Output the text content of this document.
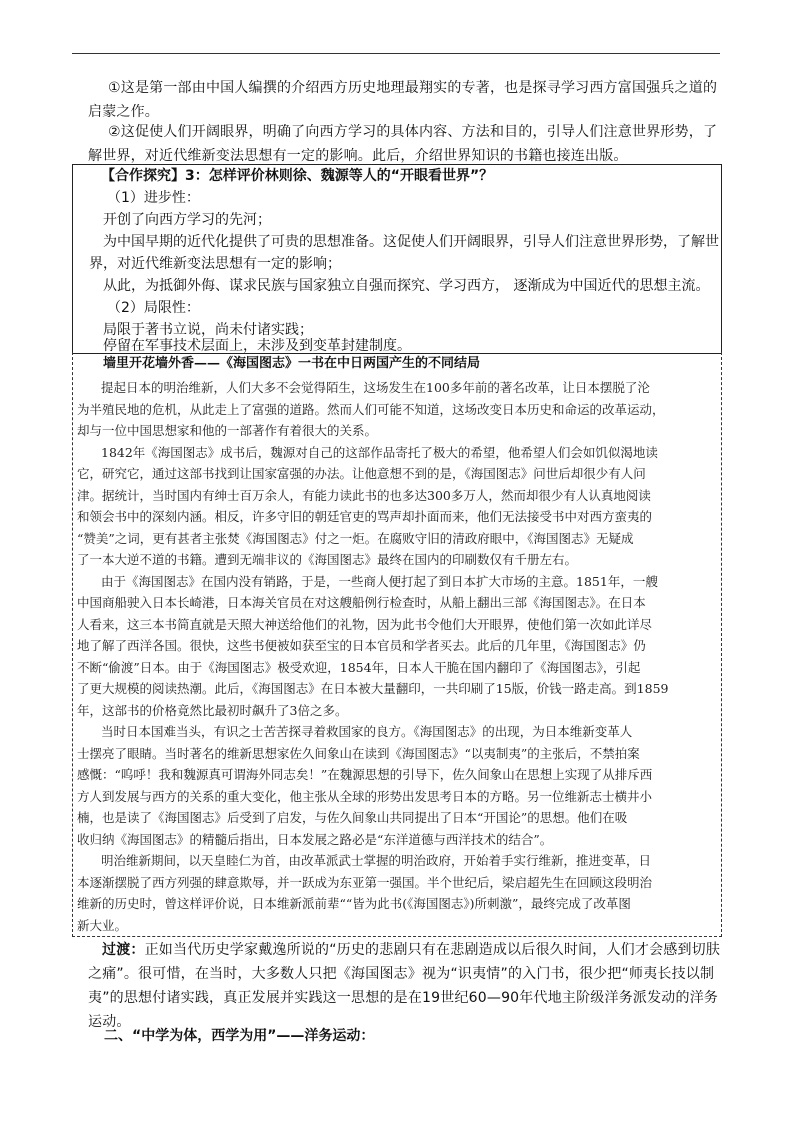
①这是第一部由中国人编撰的介绍西方历史地理最翔实的专著，也是探寻学习西方富国强兵之道的启蒙之作。

②这促使人们开阔眼界，明确了向西方学习的具体内容、方法和目的，引导人们注意世界形势，了解世界，对近代维新变法思想有一定的影响。此后，介绍世界知识的书籍也接连出版。

【合作探究】3：怎样评价林则徐、魏源等人的“开眼看世界”？

（1）进步性：

开创了向西方学习的先河；

为中国早期的近代化提供了可贵的思想准备。这促使人们开阔眼界，引导人们注意世界形势，了解世

界，对近代维新变法思想有一定的影响；

从此，为抵御外侮、谋求民族与国家独立自强而探究、学习西方， 逐渐成为中国近代的思想主流。

（2）局限性：

局限于著书立说，尚未付诸实践；

停留在军事技术层面上，未涉及到变革封建制度。

墙里开花墙外香——《海国图志》一书在中日两国产生的不同结局

提起日本的明治维新，人们大多不会觉得陌生，这场发生在100多年前的著名改革，让日本摆脱了沦

为半殖民地的危机，从此走上了富强的道路。然而人们可能不知道，这场改变日本历史和命运的改革运动，

却与一位中国思想家和他的一部著作有着很大的关系。

1842年《海国图志》成书后，魏源对自己的这部作品寄托了极大的希望，他希望人们会如饥似渴地读

它，研究它，通过这部书找到让国家富强的办法。让他意想不到的是，《海国图志》问世后却很少有人问

津。据统计，当时国内有绅士百万余人，有能力读此书的也多达300多万人，然而却很少有人认真地阅读

和领会书中的深刻内涵。相反，许多守旧的朝廷官吏的骂声却扑面而来，他们无法接受书中对西方蛮夷的

“赞美”之词，更有甚者主张焚《海国图志》付之一炬。在腐败守旧的清政府眼中，《海国图志》无疑成

了一本大逆不道的书籍。遭到无端非议的《海国图志》最终在国内的印刷数仅有千册左右。

由于《海国图志》在国内没有销路，于是，一些商人便打起了到日本扩大市场的主意。1851年，一艘

中国商船驶入日本长崎港，日本海关官员在对这艘船例行检查时，从船上翻出三部《海国图志》。在日本

人看来，这三本书简直就是天照大神送给他们的礼物，因为此书令他们大开眼界，使他们第一次如此详尽

地了解了西洋各国。很快，这些书便被如获至宝的日本官员和学者买去。此后的几年里，《海国图志》仍

不断“偷渡”日本。由于《海国图志》极受欢迎，1854年，日本人干脆在国内翻印了《海国图志》，引起

了更大规模的阅读热潮。此后，《海国图志》在日本被大量翻印，一共印刷了15版，价钱一路走高。到1859

年，这部书的价格竟然比最初时飙升了3倍之多。

当时日本国难当头，有识之士苦苦探寻着救国家的良方。《海国图志》的出现，为日本维新变革人

士摆亮了眼睛。当时著名的维新思想家佐久间象山在读到《海国图志》“以夷制夷”的主张后，不禁拍案

感慨：“呜呼！我和魏源真可谓海外同志矣！”在魏源思想的引导下，佐久间象山在思想上实现了从排斥西

方人到发展与西方的关系的重大变化，他主张从全球的形势出发思考日本的方略。另一位维新志士横井小

楠，也是读了《海国图志》后受到了启发，与佐久间象山共同提出了日本“开国论”的思想。他们在吸

收归纳《海国图志》的精髓后指出，日本发展之路必是“东洋道德与西洋技术的结合”。

明治维新期间，以天皇睦仁为首，由改革派武士掌握的明治政府，开始着手实行维新，推进变革，日

本逐渐摆脱了西方列强的肆意欺辱，并一跃成为东亚第一强国。半个世纪后，梁启超先生在回顾这段明治

维新的历史时，曾这样评价说，日本维新派前辈““皆为此书(《海国图志》)所刺激”，最终完成了改革图

新大业。

过渡：正如当代历史学家戴逸所说的“历史的悲剧只有在悲剧造成以后很久时间，人们才会感到切肤之痛”。很可惜，在当时，大多数人只把《海国图志》视为“识夷情”的入门书，很少把“师夷长技以制夷”的思想付诸实践，真正发展并实践这一思想的是在19世纪60—90年代地主阶级洋务派发动的洋务运动。

二、“中学为体，西学为用”——洋务运动：
